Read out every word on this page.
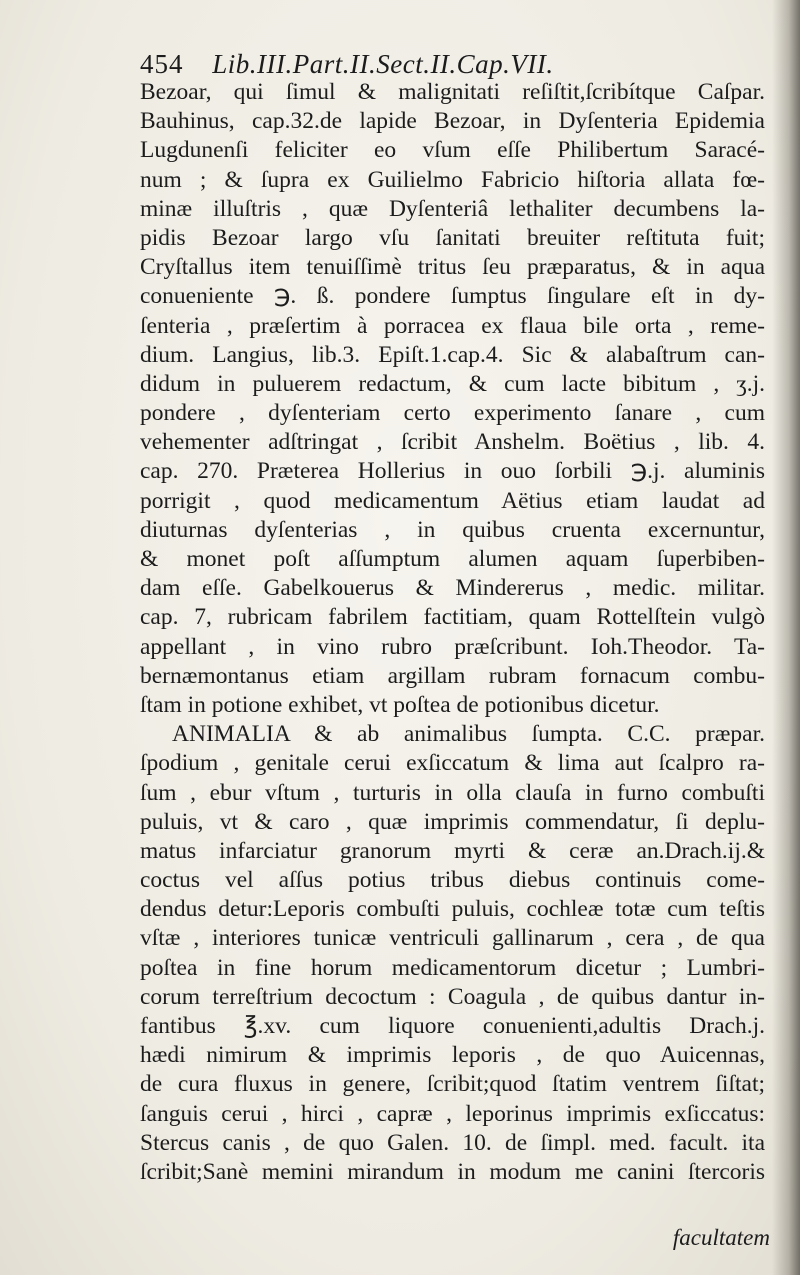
454 Lib.III.Part.II.Sect.II.Cap.VII.
Bezoar, qui ſimul & malignitati reſiſtit,ſcribítque Caſpar.
Bauhinus, cap.32.de lapide Bezoar, in Dyſenteria Epidemia
Lugdunenſi feliciter eo vſum eſſe Philibertum Saracé-
num ; & ſupra ex Guilielmo Fabricio hiſtoria allata fœ-
minæ illuſtris , quæ Dyſenteriâ lethaliter decumbens la-
pidis Bezoar largo vſu ſanitati breuiter reſtituta fuit;
Cryſtallus item tenuiſſimè tritus ſeu præparatus, & in aqua
conueniente ℈. ß. pondere ſumptus ſingulare eſt in dy-
ſenteria , præſertim à porracea ex flaua bile orta , reme-
dium. Langius, lib.3. Epiſt.1.cap.4. Sic & alabaſtrum can-
didum in puluerem redactum, & cum lacte bibitum , ʒ.j.
pondere , dyſenteriam certo experimento ſanare , cum
vehementer adſtringat , ſcribit Anshelm. Boëtius , lib. 4.
cap. 270. Præterea Hollerius in ouo ſorbili ℈.j. aluminis
porrigit , quod medicamentum Aëtius etiam laudat ad
diuturnas dyſenterias , in quibus cruenta excernuntur,
& monet poſt aſſumptum alumen aquam ſuperbiben-
dam eſſe. Gabelkouerus & Mindererus , medic. militar.
cap. 7, rubricam fabrilem factitiam, quam Rottelſtein vulgò
appellant , in vino rubro præſcribunt. Ioh.Theodor. Ta-
bernæmontanus etiam argillam rubram fornacum combu-
ſtam in potione exhibet, vt poſtea de potionibus dicetur.
ANIMALIA & ab animalibus ſumpta. C.C. præpar.
ſpodium , genitale cerui exſiccatum & lima aut ſcalpro ra-
ſum , ebur vſtum , turturis in olla clauſa in furno combuſti
puluis, vt & caro , quæ imprimis commendatur, ſi deplu-
matus infarciatur granorum myrti & ceræ an.Drach.ij.&
coctus vel aſſus potius tribus diebus continuis come-
dendus detur:Leporis combuſti puluis, cochleæ totæ cum teſtis
vſtæ , interiores tunicæ ventriculi gallinarum , cera , de qua
poſtea in fine horum medicamentorum dicetur ; Lumbri-
corum terreſtrium decoctum : Coagula , de quibus dantur in-
fantibus ℥.xv. cum liquore conuenienti,adultis Drach.j.
hædi nimirum & imprimis leporis , de quo Auicennas,
de cura fluxus in genere, ſcribit;quod ſtatim ventrem ſiſtat;
ſanguis cerui , hirci , capræ , leporinus imprimis exſiccatus:
Stercus canis , de quo Galen. 10. de ſimpl. med. facult. ita
ſcribit;Sanè memini mirandum in modum me canini ſtercoris
facultatem
